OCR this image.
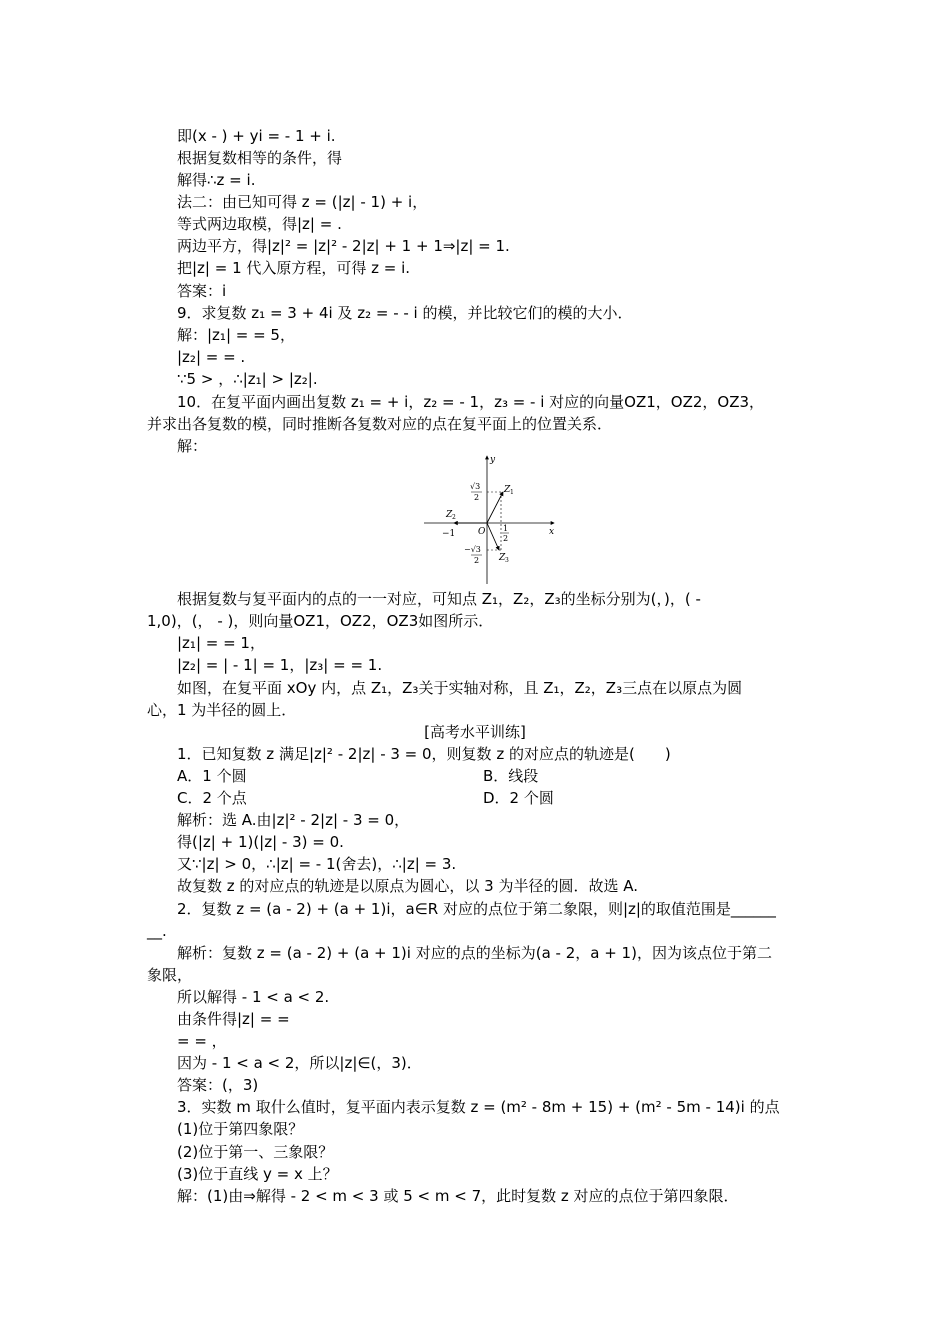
即(x - ) + yi = - 1 + i.
根据复数相等的条件，得
解得∴z = i.
法二：由已知可得 z = (|z| - 1) + i，
等式两边取模，得|z| = .
两边平方，得|z|² = |z|² - 2|z| + 1 + 1⇒|z| = 1.
把|z| = 1 代入原方程，可得 z = i.
答案：i
9．求复数 z₁ = 3 + 4i 及 z₂ = - - i 的模，并比较它们的模的大小．
解：|z₁| = = 5，
|z₂| = = .
∵5 > ，∴|z₁| > |z₂|.
10．在复平面内画出复数 z₁ = + i，z₂ = - 1，z₃ = - i 对应的向量OZ1，OZ2，OZ3，
并求出各复数的模，同时推断各复数对应的点在复平面上的位置关系．
解：
y
x
O
Z 1
Z 2
Z 3
−1
√3
2
−√3
2
1
2
根据复数与复平面内的点的一一对应，可知点 Z₁，Z₂，Z₃的坐标分别为(，)，( -
1,0)，(， - )，则向量OZ1，OZ2，OZ3如图所示．
|z₁| = = 1，
|z₂| = | - 1| = 1，|z₃| = = 1.
如图，在复平面 xOy 内，点 Z₁，Z₃关于实轴对称，且 Z₁，Z₂，Z₃三点在以原点为圆
心，1 为半径的圆上．
[高考水平训练]
1．已知复数 z 满足|z|² - 2|z| - 3 = 0，则复数 z 的对应点的轨迹是(　　)
A．1 个圆	B．线段
C．2 个点	D．2 个圆
解析：选 A.由|z|² - 2|z| - 3 = 0，
得(|z| + 1)(|z| - 3) = 0.
又∵|z| > 0，∴|z| = - 1(舍去)，∴|z| = 3.
故复数 z 的对应点的轨迹是以原点为圆心，以 3 为半径的圆．故选 A.
2．复数 z = (a - 2) + (a + 1)i，a∈R 对应的点位于第二象限，则|z|的取值范围是______
__.
解析：复数 z = (a - 2) + (a + 1)i 对应的点的坐标为(a - 2，a + 1)，因为该点位于第二
象限，
所以解得 - 1 < a < 2.
由条件得|z| = =
= = ，
因为 - 1 < a < 2，所以|z|∈(，3)．
答案：(，3)
3．实数 m 取什么值时，复平面内表示复数 z = (m² - 8m + 15) + (m² - 5m - 14)i 的点
(1)位于第四象限？
(2)位于第一、三象限？
(3)位于直线 y = x 上？
解：(1)由⇒解得 - 2 < m < 3 或 5 < m < 7，此时复数 z 对应的点位于第四象限．
